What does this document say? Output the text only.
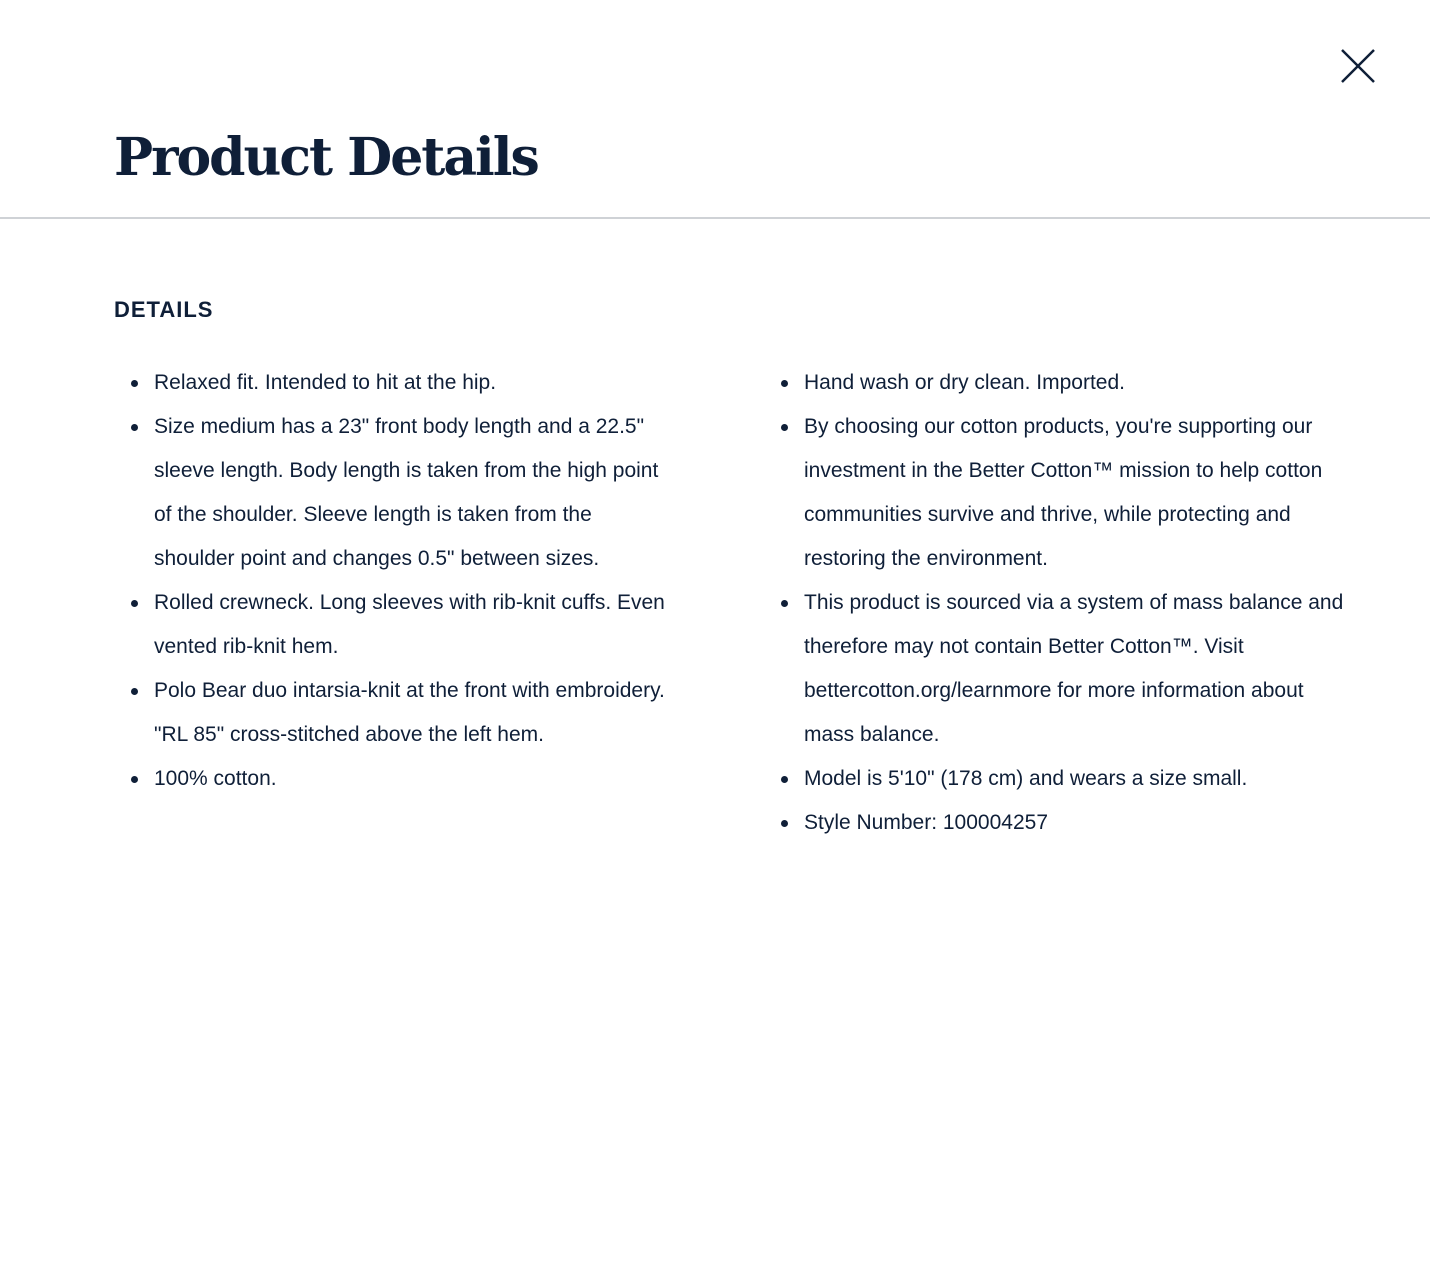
Product Details
DETAILS
Relaxed fit. Intended to hit at the hip.
Size medium has a 23" front body length and a 22.5" sleeve length. Body length is taken from the high point of the shoulder. Sleeve length is taken from the shoulder point and changes 0.5" between sizes.
Rolled crewneck. Long sleeves with rib-knit cuffs. Even vented rib-knit hem.
Polo Bear duo intarsia-knit at the front with embroidery. "RL 85" cross-stitched above the left hem.
100% cotton.
Hand wash or dry clean. Imported.
By choosing our cotton products, you're supporting our investment in the Better Cotton™ mission to help cotton communities survive and thrive, while protecting and restoring the environment.
This product is sourced via a system of mass balance and therefore may not contain Better Cotton™. Visit bettercotton.org/learnmore for more information about mass balance.
Model is 5'10" (178 cm) and wears a size small.
Style Number: 100004257
